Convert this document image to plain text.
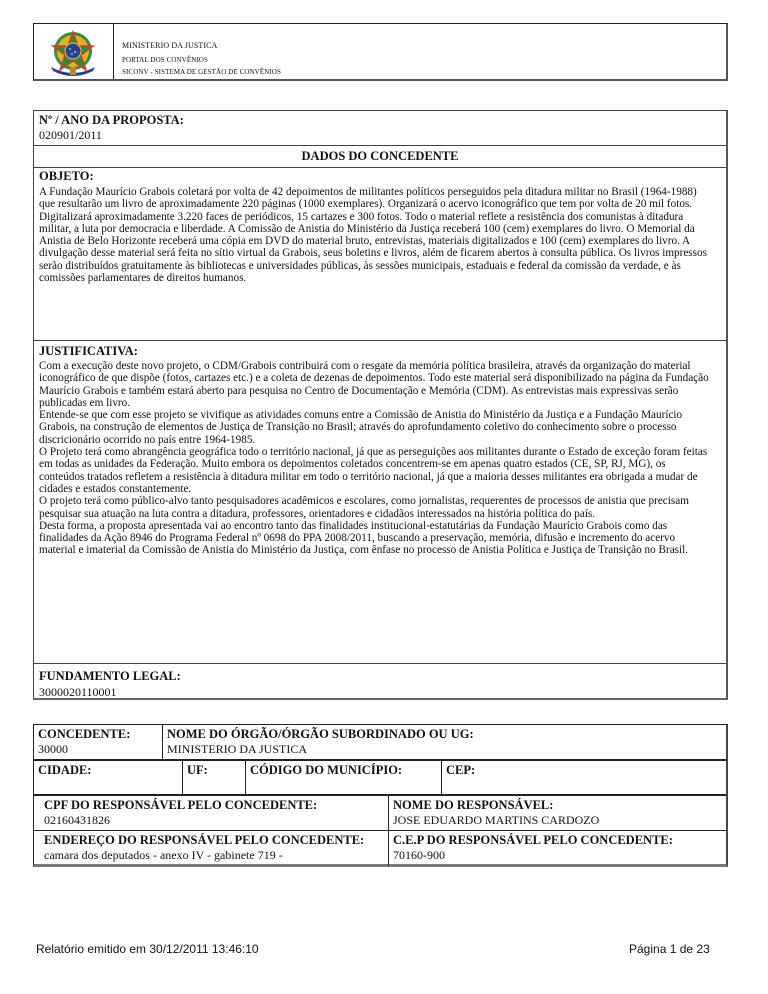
MINISTERIO DA JUSTICA
PORTAL DOS CONVÊNIOS
SICONV - SISTEMA DE GESTÃO DE CONVÊNIOS
Nº / ANO DA PROPOSTA:
020901/2011
DADOS DO CONCEDENTE
OBJETO:

A Fundação Maurício Grabois coletará por volta de 42 depoimentos de militantes políticos perseguidos pela ditadura militar no Brasil (1964-1988) que resultarão um livro de aproximadamente 220 páginas (1000 exemplares). Organizará o acervo iconográfico que tem por volta de 20 mil fotos. Digitalizará aproximadamente 3.220 faces de periódicos, 15 cartazes e 300 fotos. Todo o material reflete a resistência dos comunistas à ditadura militar, a luta por democracia e liberdade. A Comissão de Anistia do Ministério da Justiça receberá 100 (cem) exemplares do livro. O Memorial da Anistia de Belo Horizonte receberá uma cópia em DVD do material bruto, entrevistas, materiais digitalizados e 100 (cem) exemplares do livro. A divulgação desse material será feita no sítio virtual da Grabois, seus boletins e livros, além de ficarem abertos à consulta pública. Os livros impressos serão distribuídos gratuitamente às bibliotecas e universidades públicas, às sessões municipais, estaduais e federal da comissão da verdade, e às comissões parlamentares de direitos humanos.

JUSTIFICATIVA:

Com a execução deste novo projeto, o CDM/Grabois contribuirá com o resgate da memória política brasileira, através da organização do material iconográfico de que dispõe (fotos, cartazes etc.) e a coleta de dezenas de depoimentos. Todo este material será disponibilizado na página da Fundação Maurício Grabois e também estará aberto para pesquisa no Centro de Documentação e Memória (CDM). As entrevistas mais expressivas serão publicadas em livro.

Entende-se que com esse projeto se vivifique as atividades comuns entre a Comissão de Anistia do Ministério da Justiça e a Fundação Maurício Grabois, na construção de elementos de Justiça de Transição no Brasil; através do aprofundamento coletivo do conhecimento sobre o processo discricionário ocorrido no país entre 1964-1985.

O Projeto terá como abrangência geográfica todo o território nacional, já que as perseguições aos militantes durante o Estado de exceção foram feitas em todas as unidades da Federação. Muito embora os depoimentos coletados concentrem-se em apenas quatro estados (CE, SP, RJ, MG), os conteúdos tratados refletem a resistência à ditadura militar em todo o território nacional, já que a maioria desses militantes era obrigada a mudar de cidades e estados constantemente.

O projeto terá como público-alvo tanto pesquisadores acadêmicos e escolares, como jornalistas, requerentes de processos de anistia que precisam pesquisar sua atuação na luta contra a ditadura, professores, orientadores e cidadãos interessados na história política do país.

Desta forma, a proposta apresentada vai ao encontro tanto das finalidades institucional-estatutárias da Fundação Maurício Grabois como das finalidades da Ação 8946 do Programa Federal nº 0698 do PPA 2008/2011, buscando a preservação, memória, difusão e incremento do acervo material e imaterial da Comissão de Anistia do Ministério da Justiça, com ênfase no processo de Anistia Política e Justiça de Transição no Brasil.

FUNDAMENTO LEGAL:
3000020110001
CONCEDENTE:
30000
NOME DO ÓRGÃO/ÓRGÃO SUBORDINADO OU UG:
MINISTERIO DA JUSTICA
CIDADE:	UF:	CÓDIGO DO MUNICÍPIO:	CEP:
CPF DO RESPONSÁVEL PELO CONCEDENTE:
02160431826
NOME DO RESPONSÁVEL:
JOSE EDUARDO MARTINS CARDOZO
ENDEREÇO DO RESPONSÁVEL PELO CONCEDENTE:
camara dos deputados - anexo IV - gabinete 719 -
C.E.P DO RESPONSÁVEL PELO CONCEDENTE:
70160-900
Relatório emitido em 30/12/2011 13:46:10	Página 1 de 23
